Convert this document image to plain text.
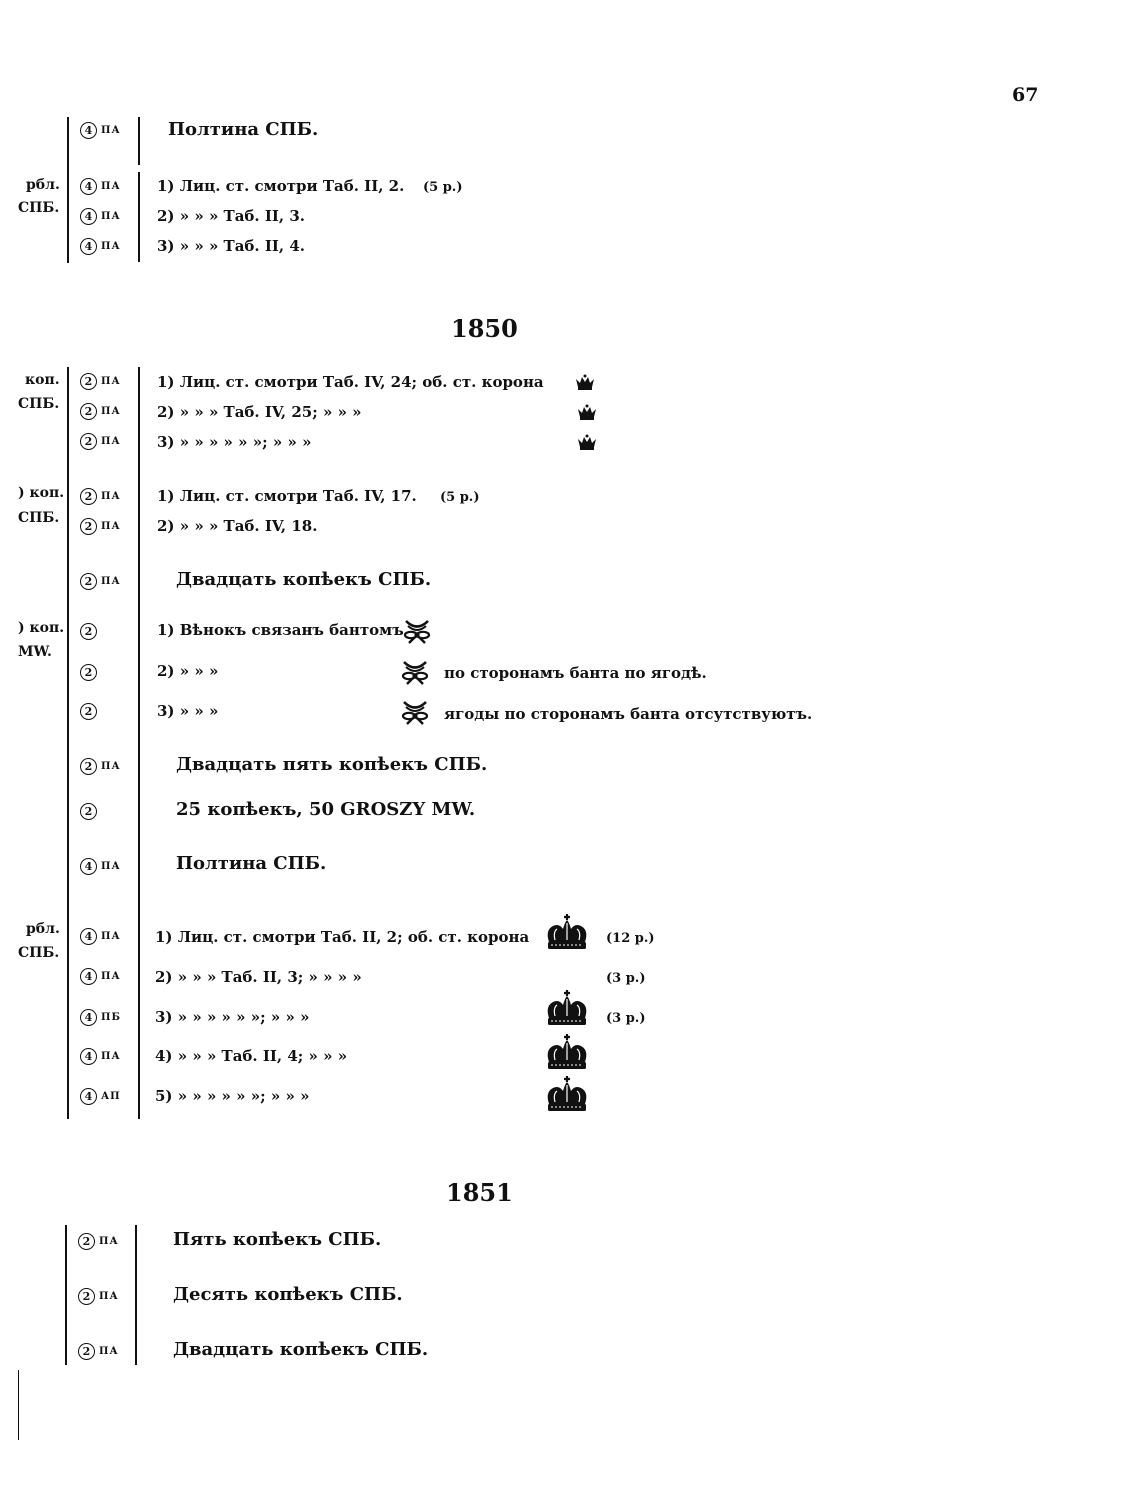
67
рбл.
СПБ.
4 ПА	Полтина СПБ.
4 ПА 1) Лиц. ст. смотри Таб. II, 2. (5 р.)
4 ПА 2) » » » Таб. II, 3.
4 ПА 3) » » » Таб. II, 4.
1850
коп.
СПБ.
2 ПА 1) Лиц. ст. смотри Таб. IV, 24; об. ст. корона
2 ПА 2) » » » Таб. IV, 25; » » »
2 ПА 3) » » » » » »; » » »
) коп.
СПБ.
2 ПА 1) Лиц. ст. смотри Таб. IV, 17. (5 р.)
2 ПА 2) » » » Таб. IV, 18.
2 ПА	Двадцать копѣекъ СПБ.
) коп.
MW.
2	1) Вѣнокъ связанъ бантомъ
2	2) » » »	по сторонамъ банта по ягодѣ.
2	3) » » »	ягоды по сторонамъ банта отсутствуютъ.
2 ПА	Двадцать пять копѣекъ СПБ.
2	25 копѣекъ, 50 GROSZY MW.
4 ПА	Полтина СПБ.
рбл.
СПБ.
4 ПА 1) Лиц. ст. смотри Таб. II, 2; об. ст. корона	(12 р.)
4 ПА 2) » » » Таб. II, 3; » » » »	(3 р.)
4 ПБ 3) » » » » » »; » » »	(3 р.)
4 ПА 4) » » » Таб. II, 4; » » »
4 АП 5) » » » » » »; » » »
1851
2 ПА	Пять копѣекъ СПБ.
2 ПА	Десять копѣекъ СПБ.
2 ПА	Двадцать копѣекъ СПБ.
